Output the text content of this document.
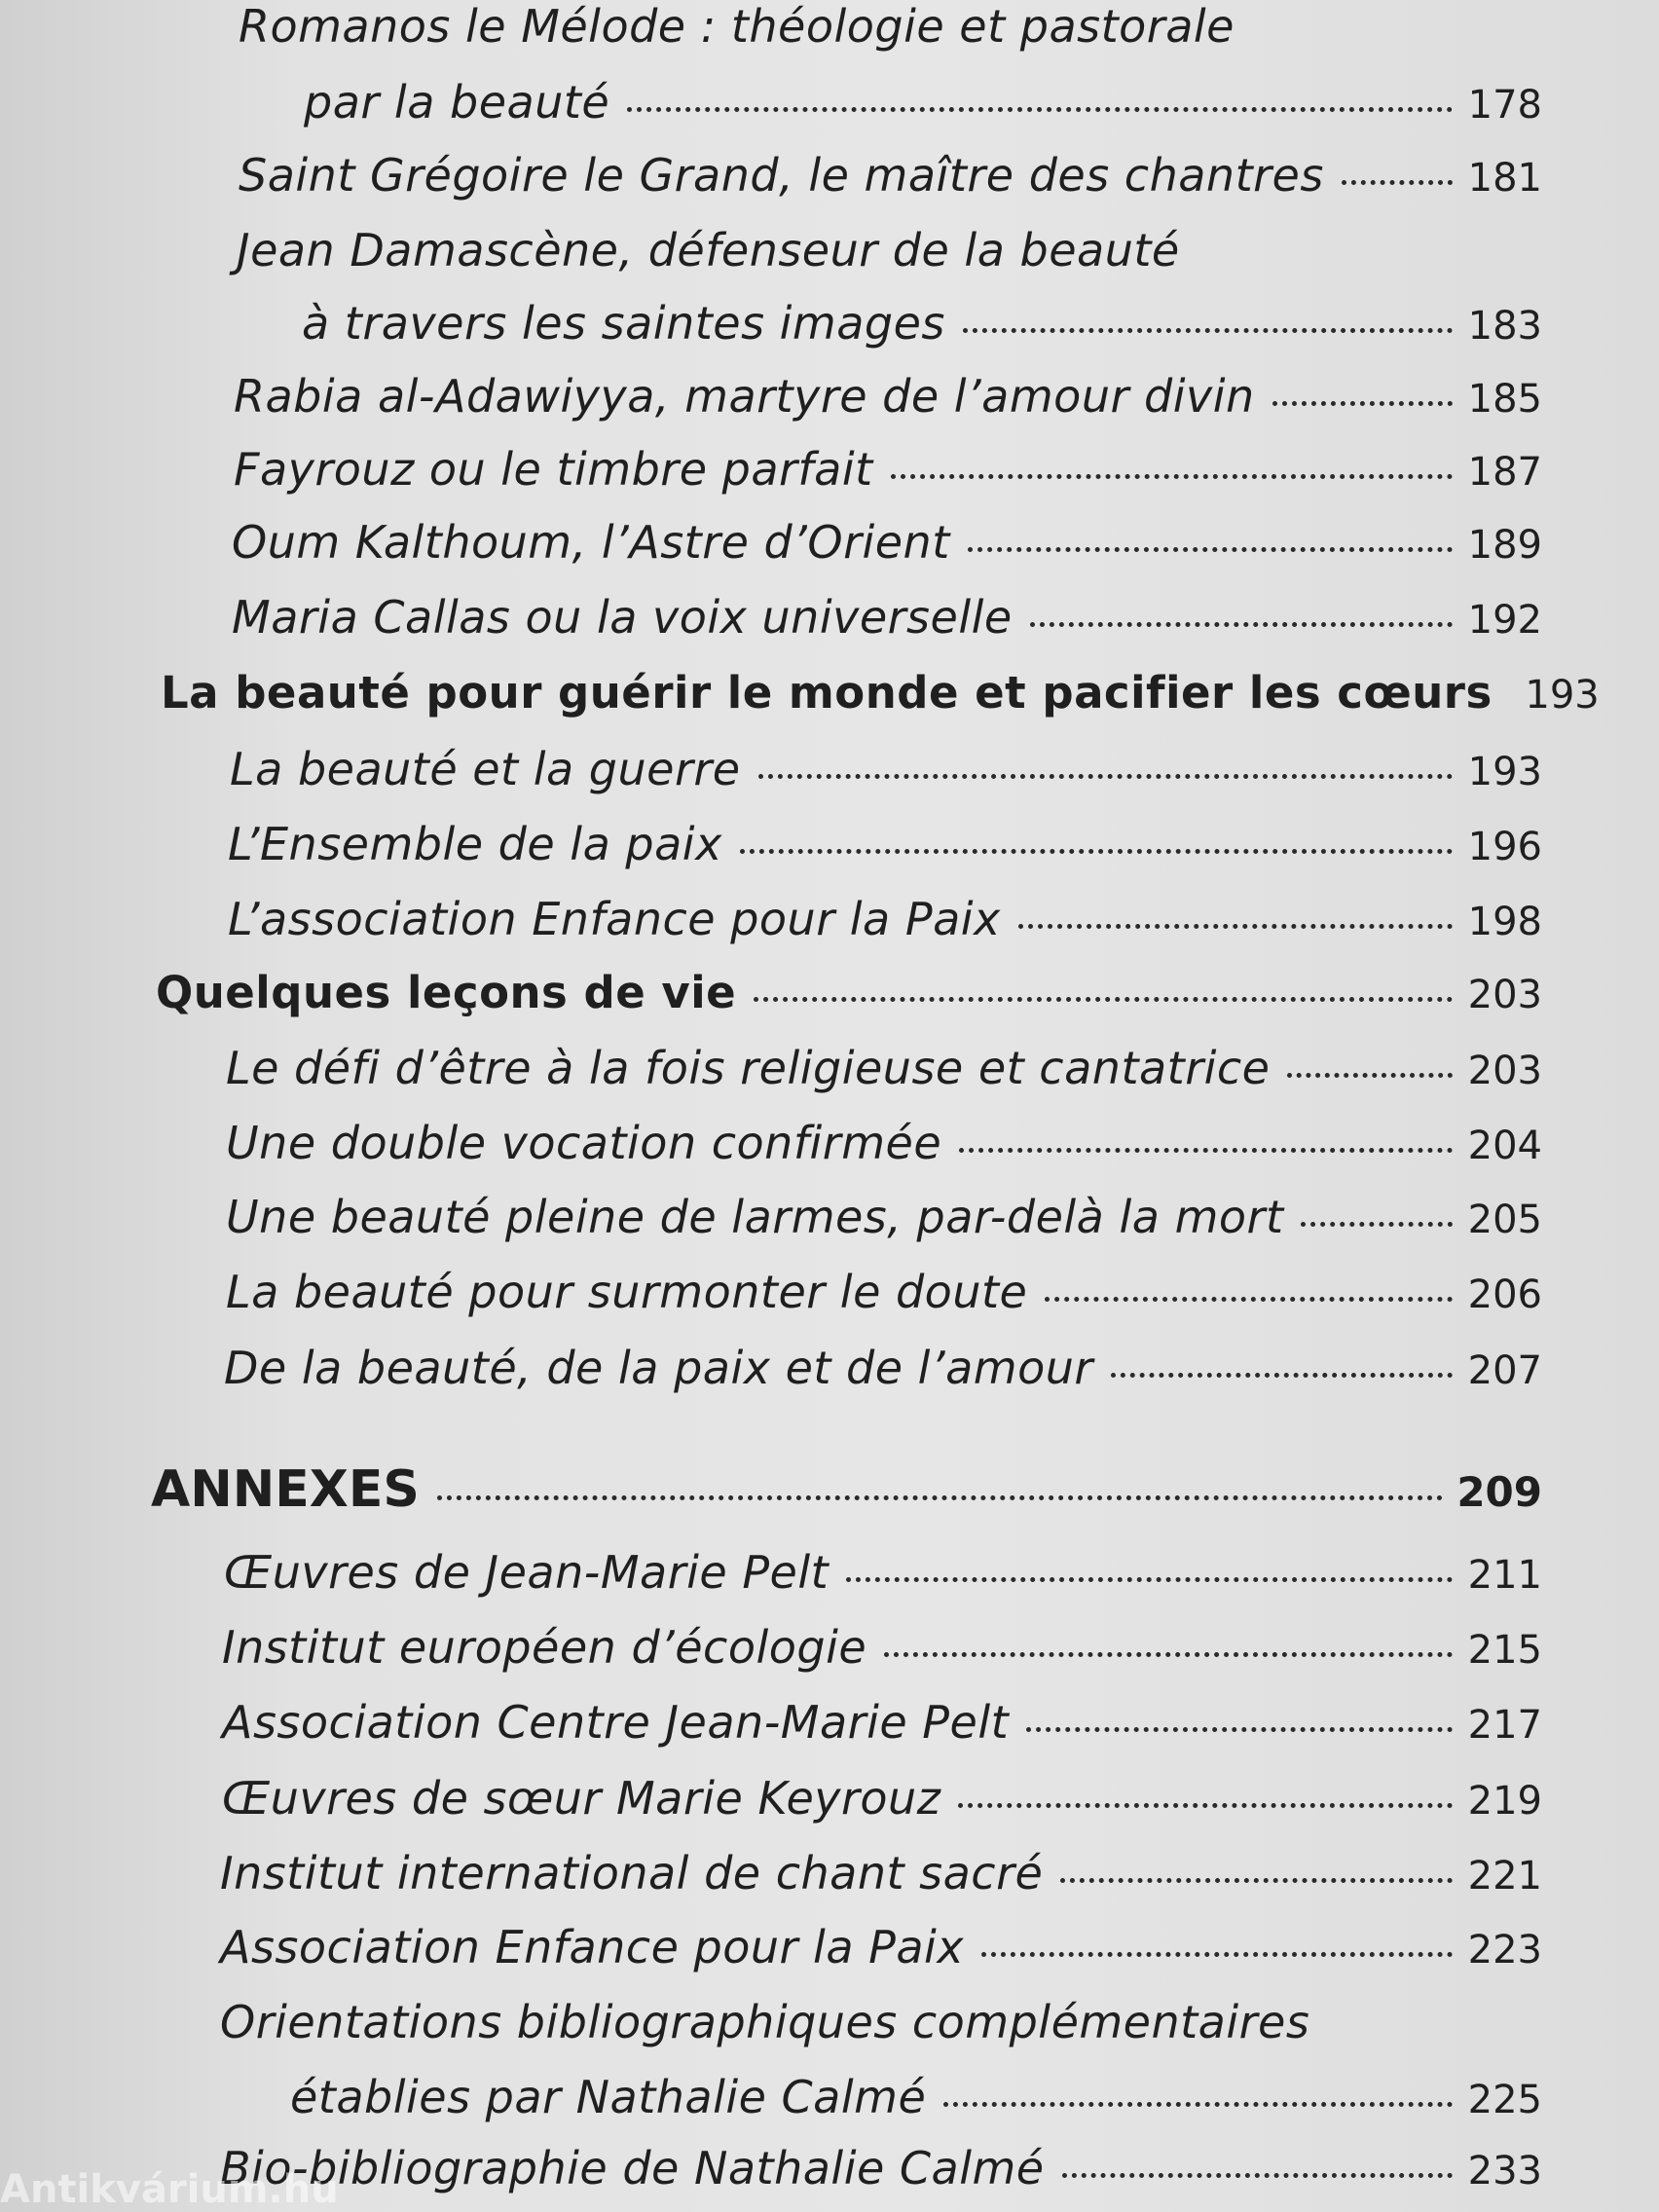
Romanos le Mélode : théologie et pastorale
par la beauté	178
Saint Grégoire le Grand, le maître des chantres	181
Jean Damascène, défenseur de la beauté
à travers les saintes images	183
Rabia al-Adawiyya, martyre de l’amour divin	185
Fayrouz ou le timbre parfait	187
Oum Kalthoum, l’Astre d’Orient	189
Maria Callas ou la voix universelle	192
La beauté pour guérir le monde et pacifier les cœurs 193
La beauté et la guerre	193
L’Ensemble de la paix	196
L’association Enfance pour la Paix	198
Quelques leçons de vie	203
Le défi d’être à la fois religieuse et cantatrice	203
Une double vocation confirmée	204
Une beauté pleine de larmes, par-delà la mort	205
La beauté pour surmonter le doute	206
De la beauté, de la paix et de l’amour	207
ANNEXES	209
Œuvres de Jean-Marie Pelt	211
Institut européen d’écologie	215
Association Centre Jean-Marie Pelt	217
Œuvres de sœur Marie Keyrouz	219
Institut international de chant sacré	221
Association Enfance pour la Paix	223
Orientations bibliographiques complémentaires
établies par Nathalie Calmé	225
Bio-bibliographie de Nathalie Calmé	233
Antikvárium.hu
